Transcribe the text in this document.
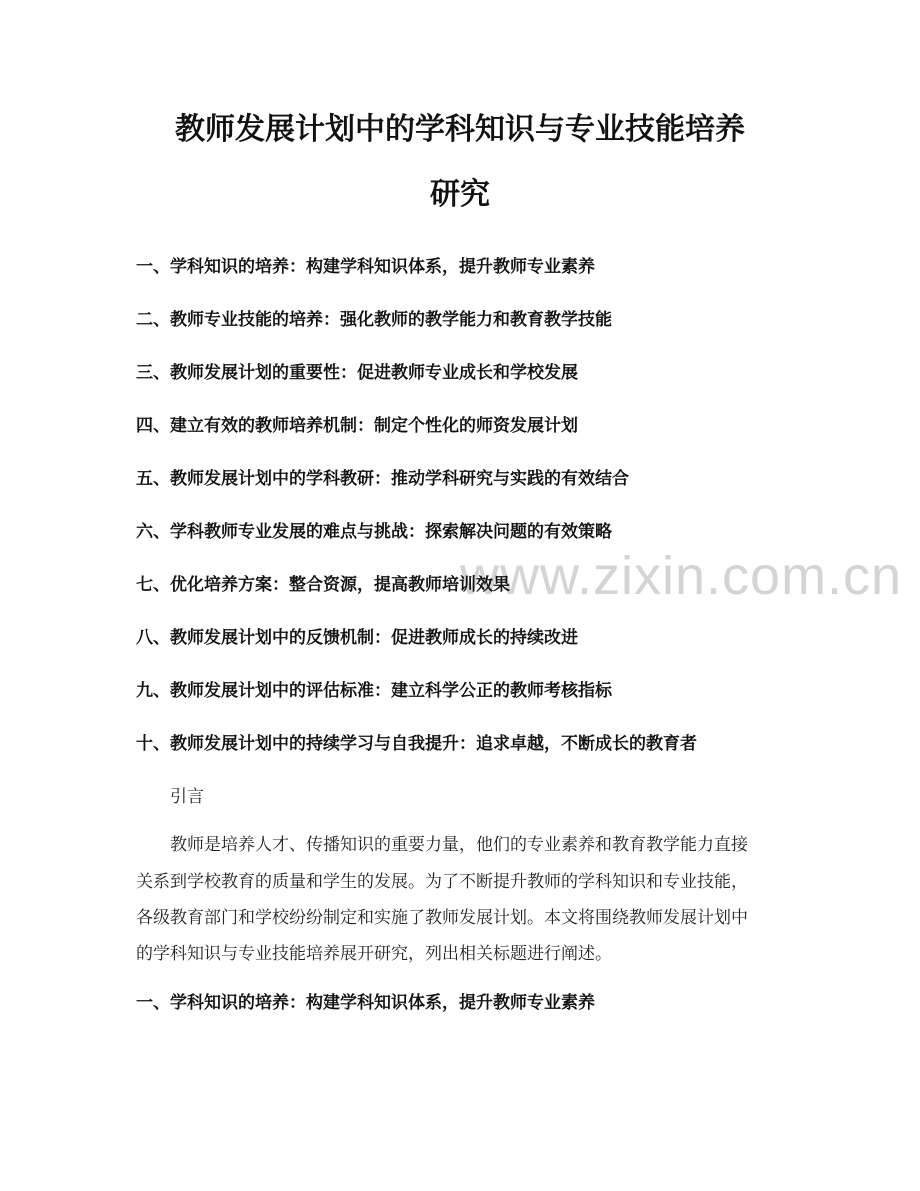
www.zixin.com.cn
教师发展计划中的学科知识与专业技能培养
研究
一、学科知识的培养：构建学科知识体系，提升教师专业素养
二、教师专业技能的培养：强化教师的教学能力和教育教学技能
三、教师发展计划的重要性：促进教师专业成长和学校发展
四、建立有效的教师培养机制：制定个性化的师资发展计划
五、教师发展计划中的学科教研：推动学科研究与实践的有效结合
六、学科教师专业发展的难点与挑战：探索解决问题的有效策略
七、优化培养方案：整合资源，提高教师培训效果
八、教师发展计划中的反馈机制：促进教师成长的持续改进
九、教师发展计划中的评估标准：建立科学公正的教师考核指标
十、教师发展计划中的持续学习与自我提升：追求卓越，不断成长的教育者
引言
教师是培养人才、传播知识的重要力量，他们的专业素养和教育教学能力直接
关系到学校教育的质量和学生的发展。为了不断提升教师的学科知识和专业技能，
各级教育部门和学校纷纷制定和实施了教师发展计划。本文将围绕教师发展计划中
的学科知识与专业技能培养展开研究，列出相关标题进行阐述。
一、学科知识的培养：构建学科知识体系，提升教师专业素养
